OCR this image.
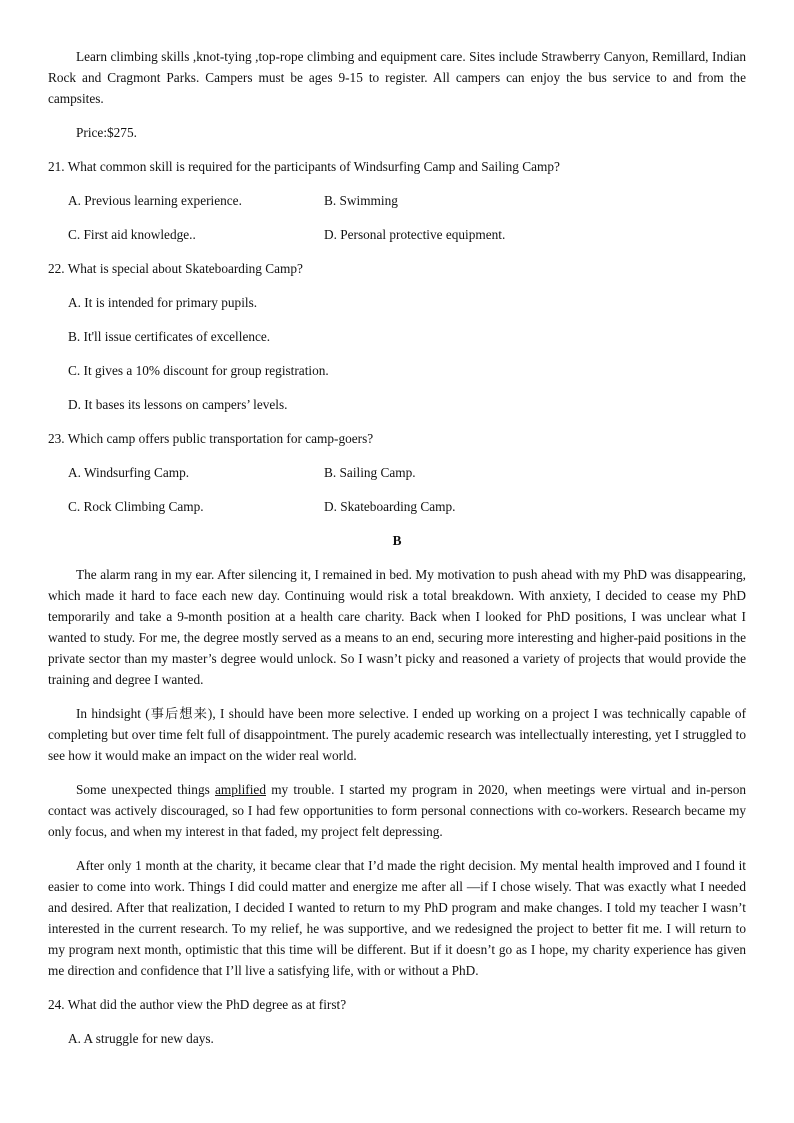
Learn climbing skills ,knot-tying ,top-rope climbing and equipment care. Sites include Strawberry Canyon, Remillard, Indian Rock and Cragmont Parks. Campers must be ages 9-15 to register. All campers can enjoy the bus service to and from the campsites.

Price:$275.

21. What common skill is required for the participants of Windsurfing Camp and Sailing Camp?

A. Previous learning experience.	B. Swimming
C. First aid knowledge..	D. Personal protective equipment.

22. What is special about Skateboarding Camp?

A. It is intended for primary pupils.

B. It'll issue certificates of excellence.

C. It gives a 10% discount for group registration.

D. It bases its lessons on campers’ levels.

23. Which camp offers public transportation for camp-goers?

A. Windsurfing Camp.	B. Sailing Camp.
C. Rock Climbing Camp.	D. Skateboarding Camp.

B

The alarm rang in my ear. After silencing it, I remained in bed. My motivation to push ahead with my PhD was disappearing, which made it hard to face each new day. Continuing would risk a total breakdown. With anxiety, I decided to cease my PhD temporarily and take a 9-month position at a health care charity. Back when I looked for PhD positions, I was unclear what I wanted to study. For me, the degree mostly served as a means to an end, securing more interesting and higher-paid positions in the private sector than my master’s degree would unlock. So I wasn’t picky and reasoned a variety of projects that would provide the training and degree I wanted.

In hindsight (事后想来), I should have been more selective. I ended up working on a project I was technically capable of completing but over time felt full of disappointment. The purely academic research was intellectually interesting, yet I struggled to see how it would make an impact on the wider real world.

Some unexpected things amplified my trouble. I started my program in 2020, when meetings were virtual and in-person contact was actively discouraged, so I had few opportunities to form personal connections with co-workers. Research became my only focus, and when my interest in that faded, my project felt depressing.

After only 1 month at the charity, it became clear that I’d made the right decision. My mental health improved and I found it easier to come into work. Things I did could matter and energize me after all —if I chose wisely. That was exactly what I needed and desired. After that realization, I decided I wanted to return to my PhD program and make changes. I told my teacher I wasn’t interested in the current research. To my relief, he was supportive, and we redesigned the project to better fit me. I will return to my program next month, optimistic that this time will be different. But if it doesn’t go as I hope, my charity experience has given me direction and confidence that I’ll live a satisfying life, with or without a PhD.

24. What did the author view the PhD degree as at first?

A. A struggle for new days.
